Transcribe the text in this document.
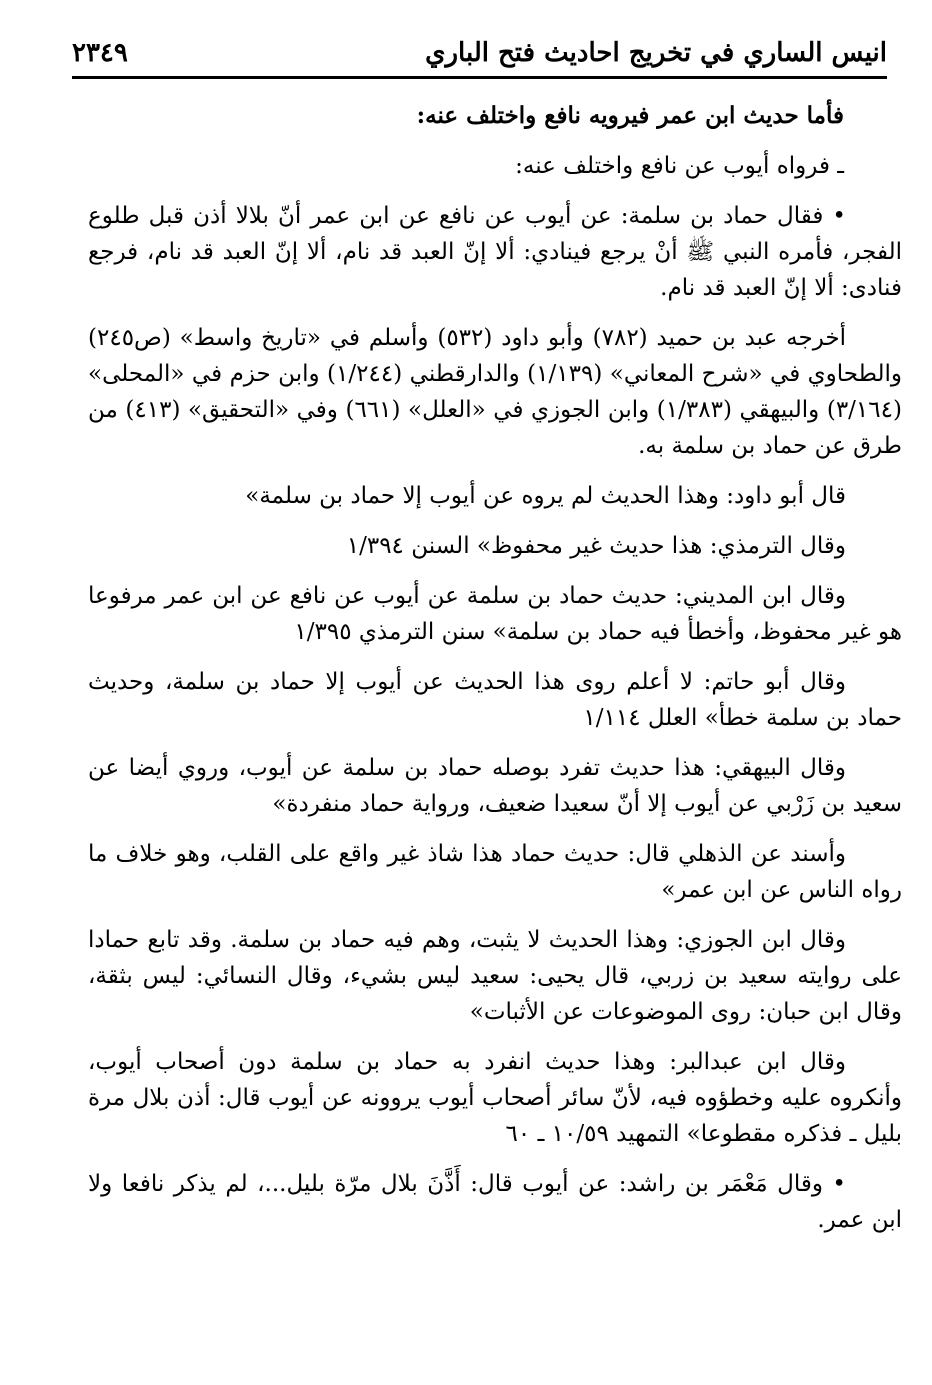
انيس الساري في تخريج احاديث فتح الباري
٢٣٤٩

فأما حديث ابن عمر فيرويه نافع واختلف عنه:

ـ فرواه أيوب عن نافع واختلف عنه:

• فقال حماد بن سلمة: عن أيوب عن نافع عن ابن عمر أنّ بلالا أذن قبل طلوع الفجر، فأمره النبي ﷺ أنْ يرجع فينادي: ألا إنّ العبد قد نام، ألا إنّ العبد قد نام، فرجع فنادى: ألا إنّ العبد قد نام.

أخرجه عبد بن حميد (٧٨٢) وأبو داود (٥٣٢) وأسلم في «تاريخ واسط» (ص٢٤٥) والطحاوي في «شرح المعاني» (١/١٣٩) والدارقطني (١/٢٤٤) وابن حزم في «المحلى» (٣/١٦٤) والبيهقي (١/٣٨٣) وابن الجوزي في «العلل» (٦٦١) وفي «التحقيق» (٤١٣) من طرق عن حماد بن سلمة به.

قال أبو داود: وهذا الحديث لم يروه عن أيوب إلا حماد بن سلمة»

وقال الترمذي: هذا حديث غير محفوظ» السنن ١/٣٩٤

وقال ابن المديني: حديث حماد بن سلمة عن أيوب عن نافع عن ابن عمر مرفوعا هو غير محفوظ، وأخطأ فيه حماد بن سلمة» سنن الترمذي ١/٣٩٥

وقال أبو حاتم: لا أعلم روى هذا الحديث عن أيوب إلا حماد بن سلمة، وحديث حماد بن سلمة خطأ» العلل ١/١١٤

وقال البيهقي: هذا حديث تفرد بوصله حماد بن سلمة عن أيوب، وروي أيضا عن سعيد بن زَرْبي عن أيوب إلا أنّ سعيدا ضعيف، ورواية حماد منفردة»

وأسند عن الذهلي قال: حديث حماد هذا شاذ غير واقع على القلب، وهو خلاف ما رواه الناس عن ابن عمر»

وقال ابن الجوزي: وهذا الحديث لا يثبت، وهم فيه حماد بن سلمة. وقد تابع حمادا على روايته سعيد بن زربي، قال يحيى: سعيد ليس بشيء، وقال النسائي: ليس بثقة، وقال ابن حبان: روى الموضوعات عن الأثبات»

وقال ابن عبدالبر: وهذا حديث انفرد به حماد بن سلمة دون أصحاب أيوب، وأنكروه عليه وخطؤوه فيه، لأنّ سائر أصحاب أيوب يروونه عن أيوب قال: أذن بلال مرة بليل ـ فذكره مقطوعا» التمهيد ١٠/٥٩ ـ ٦٠

• وقال مَعْمَر بن راشد: عن أيوب قال: أَذَّنَ بلال مرّة بليل...، لم يذكر نافعا ولا ابن عمر.
